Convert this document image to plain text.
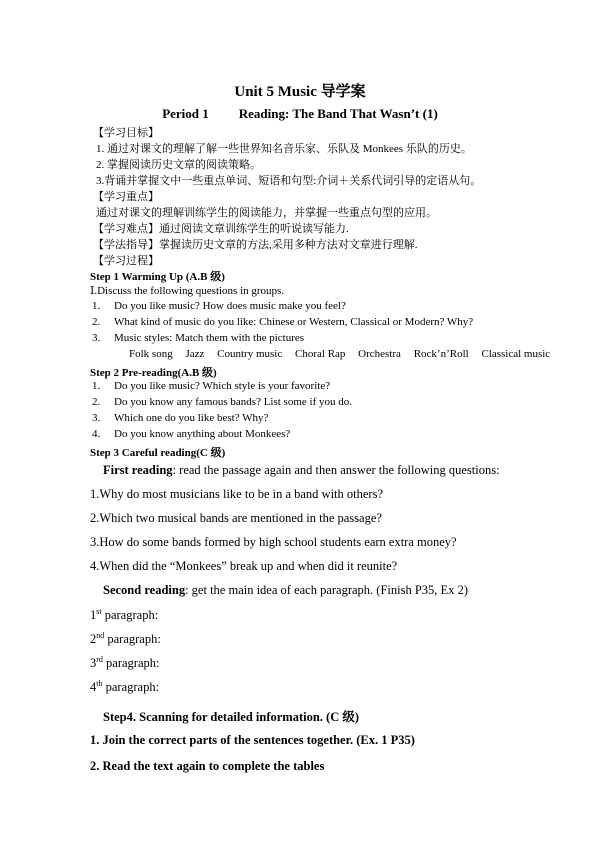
Unit 5 Music 导学案
Period 1 Reading: The Band That Wasn’t (1)
【学习目标】
1. 通过对课文的理解了解一些世界知名音乐家、乐队及 Monkees 乐队的历史。
2. 掌握阅读历史文章的阅读策略。
3.背诵并掌握文中一些重点单词、短语和句型:介词＋关系代词引导的定语从句。
【学习重点】
通过对课文的理解训练学生的阅读能力，并掌握一些重点句型的应用。
【学习难点】通过阅读文章训练学生的听说读写能力.
【学法指导】掌握读历史文章的方法,采用多种方法对文章进行理解.
【学习过程】
Step 1 Warming Up (A.B 级)
Ⅰ.Discuss the following questions in groups.
1. Do you like music? How does music make you feel?
2. What kind of music do you like: Chinese or Western, Classical or Modern? Why?
3. Music styles: Match them with the pictures
Folk song Jazz Country music Choral Rap Orchestra Rock’n’Roll Classical music
Step 2 Pre-reading(A.B 级)
1. Do you like music? Which style is your favorite?
2. Do you know any famous bands? List some if you do.
3. Which one do you like best? Why?
4. Do you know anything about Monkees?
Step 3 Careful reading(C 级)
First reading: read the passage again and then answer the following questions:
1.Why do most musicians like to be in a band with others?
2.Which two musical bands are mentioned in the passage?
3.How do some bands formed by high school students earn extra money?
4.When did the “Monkees” break up and when did it reunite?
Second reading: get the main idea of each paragraph. (Finish P35, Ex 2)
1st paragraph:
2nd paragraph:
3rd paragraph:
4th paragraph:
Step4. Scanning for detailed information. (C 级)
1. Join the correct parts of the sentences together. (Ex. 1 P35)
2. Read the text again to complete the tables
